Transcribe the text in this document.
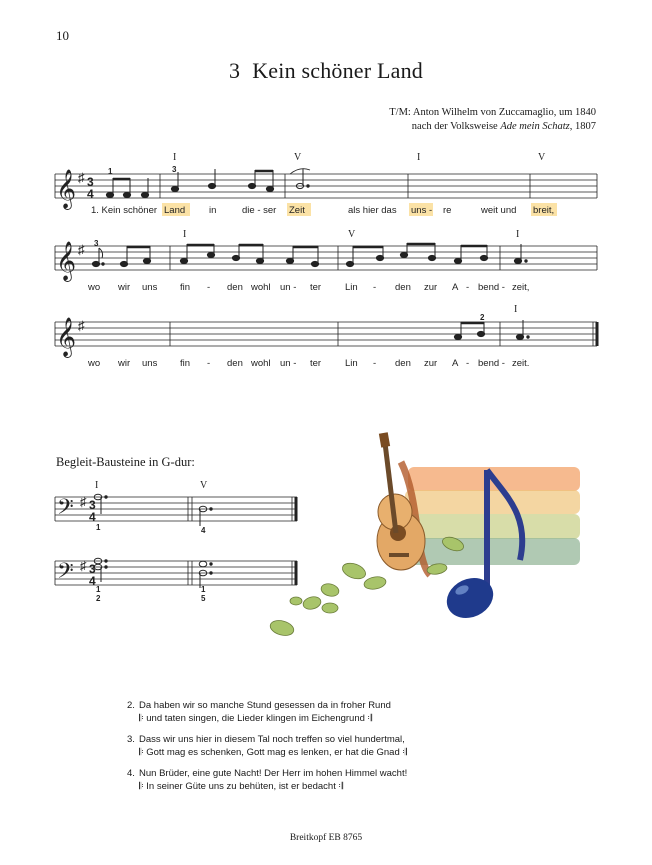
10
3 Kein schöner Land
T/M: Anton Wilhelm von Zuccamaglio, um 1840
nach der Volksweise Ade mein Schatz, 1807
𝄞 ♯ 3
4
I	V	I	V
1	3
1. Kein schöner Land	in	die - ser Zeit	als hier das uns - re	weit und breit,
𝄞 ♯
I	V	I
3
wo wir uns fin - den wohl un - ter	Lin - den zur A - bend - zeit,
𝄞 ♯
I
2
wo wir uns fin - den wohl un - ter	Lin - den zur A - bend - zeit.
𝄢 ♯ 3
4
I	V
1	4
𝄢 ♯ 3
4
1
2
1
5
Begleit-Bausteine in G-dur:
2. Da haben wir so manche Stund gesessen da in froher Rund
𝄆 und taten singen, die Lieder klingen im Eichengrund 𝄇
3. Dass wir uns hier in diesem Tal noch treffen so viel hundertmal,
𝄆 Gott mag es schenken, Gott mag es lenken, er hat die Gnad 𝄇
4. Nun Brüder, eine gute Nacht! Der Herr im hohen Himmel wacht!
𝄆 In seiner Güte uns zu behüten, ist er bedacht 𝄇
Breitkopf EB 8765
